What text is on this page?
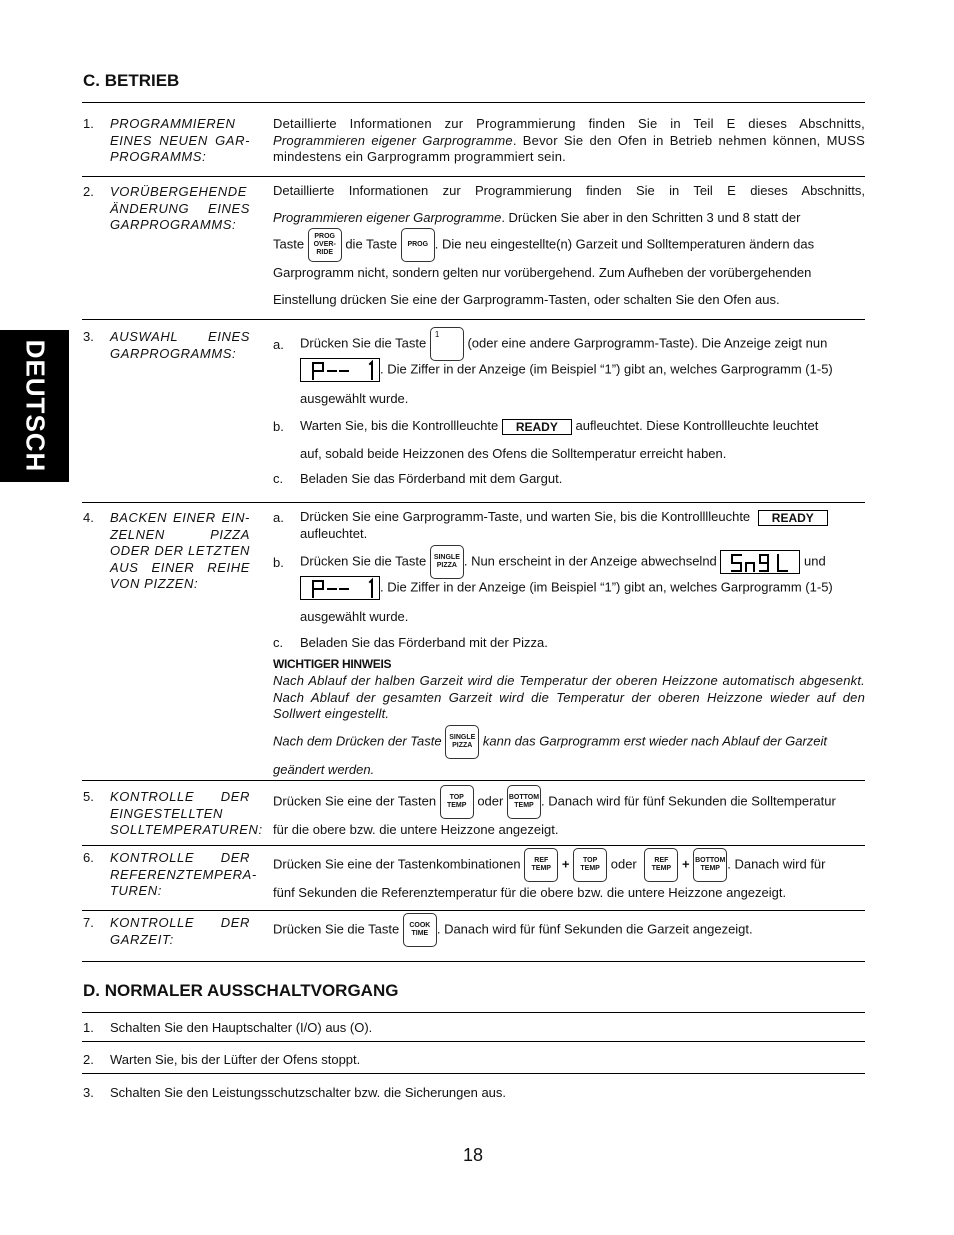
DEUTSCH
C. BETRIEB
1. PROGRAMMIEREN EINES NEUEN GAR-PROGRAMMS:
Detaillierte Informationen zur Programmierung finden Sie in Teil E dieses Abschnitts, Programmieren eigener Garprogramme. Bevor Sie den Ofen in Betrieb nehmen können, MUSS mindestens ein Garprogramm programmiert sein.
2. VORÜBERGEHENDE ÄNDERUNG EINES GARPROGRAMMS:
Detaillierte Informationen zur Programmierung finden Sie in Teil E dieses Abschnitts,
Programmieren eigener Garprogramme. Drücken Sie aber in den Schritten 3 und 8 statt der
Taste	PROG
OVER-
RIDE
die Taste	PROG . Die neu eingestellte(n) Garzeit und Solltemperaturen ändern das
Garprogramm nicht, sondern gelten nur vorübergehend. Zum Aufheben der vorübergehenden
Einstellung drücken Sie eine der Garprogramm-Tasten, oder schalten Sie den Ofen aus.
3. AUSWAHL EINES GARPROGRAMMS:
a. Drücken Sie die Taste
1
(oder eine andere Garprogramm-Taste). Die Anzeige zeigt nun
. Die Ziffer in der Anzeige (im Beispiel “1”) gibt an, welches Garprogramm (1-5)
ausgewählt wurde.
b. Warten Sie, bis die Kontrollleuchte READY aufleuchtet. Diese Kontrollleuchte leuchtet
auf, sobald beide Heizzonen des Ofens die Solltemperatur erreicht haben.
c. Beladen Sie das Förderband mit dem Gargut.
4. BACKEN EINER EIN-ZELNEN PIZZA ODER DER LETZTEN AUS EINER REIHE VON PIZZEN:
a. Drücken Sie eine Garprogramm-Taste, und warten Sie, bis die Kontrolllleuchte READY
aufleuchtet.
b. Drücken Sie die Taste	SINGLE
PIZZA . Nun erscheint in der Anzeige abwechselnd	und
. Die Ziffer in der Anzeige (im Beispiel “1”) gibt an, welches Garprogramm (1-5)
ausgewählt wurde.
c. Beladen Sie das Förderband mit der Pizza.
WICHTIGER HINWEIS
Nach Ablauf der halben Garzeit wird die Temperatur der oberen Heizzone automatisch abgesenkt. Nach Ablauf der gesamten Garzeit wird die Temperatur der oberen Heizzone wieder auf den Sollwert eingestellt.
Nach dem Drücken der Taste	SINGLE
PIZZA kann das Garprogramm erst wieder nach Ablauf der Garzeit
geändert werden.
5. KONTROLLE DER EINGESTELLTEN SOLLTEMPERATUREN:
Drücken Sie eine der Tasten	TOP
TEMP oder BOTTOM
TEMP . Danach wird für fünf Sekunden die Solltemperatur
für die obere bzw. die untere Heizzone angezeigt.
6. KONTROLLE DER REFERENZTEMPERA-TUREN:
Drücken Sie eine der Tastenkombinationen	REF
TEMP +	TOP
TEMP oder	REF
TEMP + BOTTOM
TEMP . Danach wird für
fünf Sekunden die Referenztemperatur für die obere bzw. die untere Heizzone angezeigt.
7. KONTROLLE DER GARZEIT:
Drücken Sie die Taste	COOK
TIME . Danach wird für fünf Sekunden die Garzeit angezeigt.
D. NORMALER AUSSCHALTVORGANG
1. Schalten Sie den Hauptschalter (I/O) aus (O).
2. Warten Sie, bis der Lüfter der Ofens stoppt.
3. Schalten Sie den Leistungsschutzschalter bzw. die Sicherungen aus.
18
